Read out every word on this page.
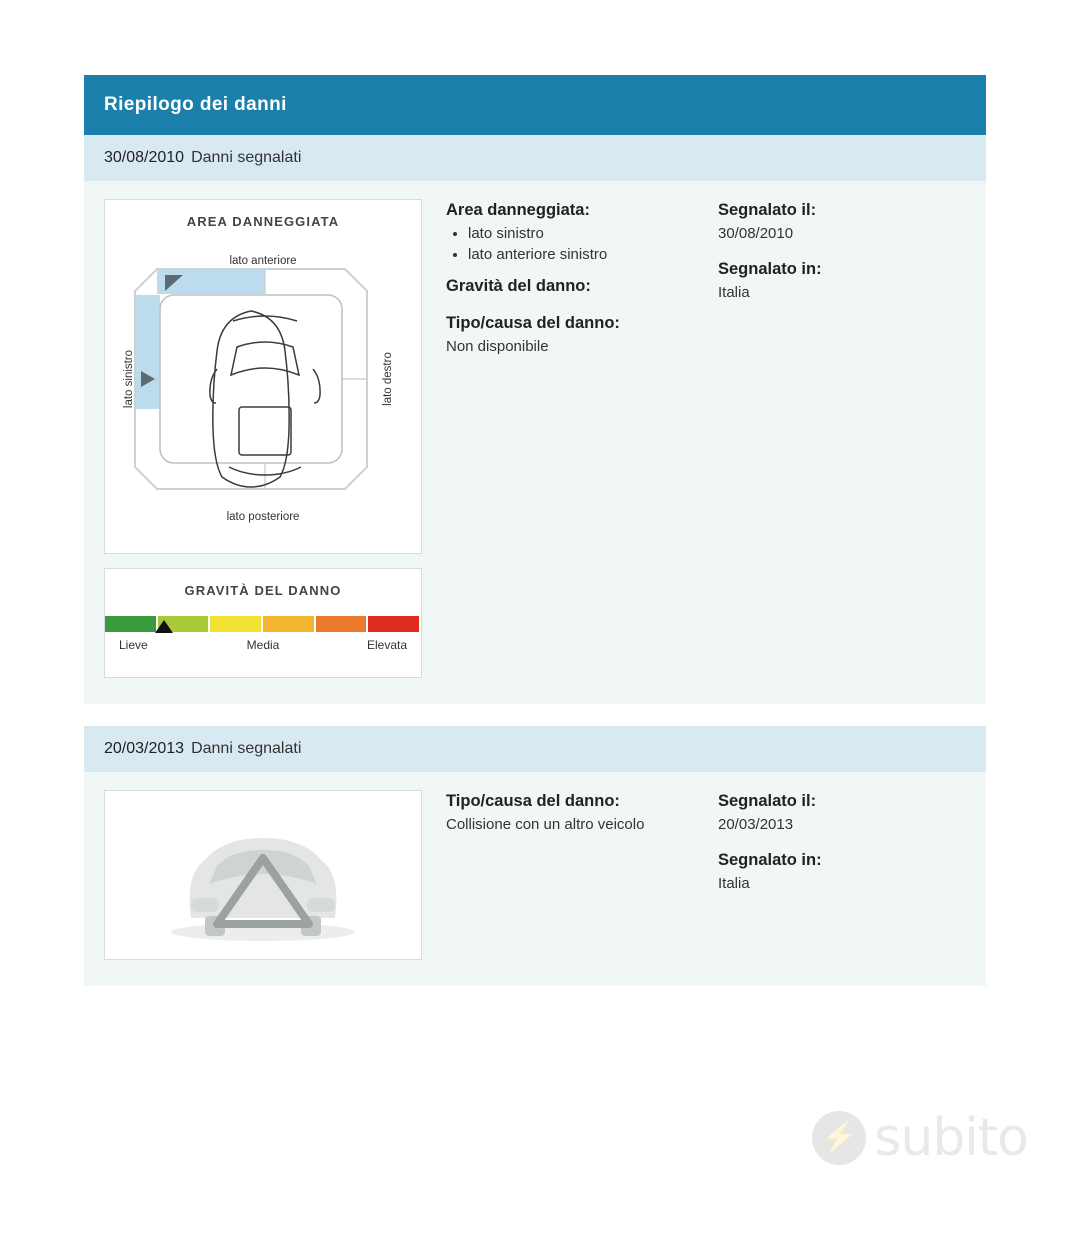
Riepilogo dei danni
30/08/2010 Danni segnalati
AREA DANNEGGIATA
lato anteriore
lato posteriore
lato sinistro	lato destro
GRAVITÀ DEL DANNO
Lieve	Media	Elevata

Area danneggiata:

• lato sinistro
• lato anteriore sinistro

Gravità del danno:

Tipo/causa del danno:

Non disponibile

Segnalato il:

30/08/2010

Segnalato in:

Italia

20/03/2013 Danni segnalati

Tipo/causa del danno:

Collisione con un altro veicolo

Segnalato il:

20/03/2013

Segnalato in:

Italia

⚡ subito
